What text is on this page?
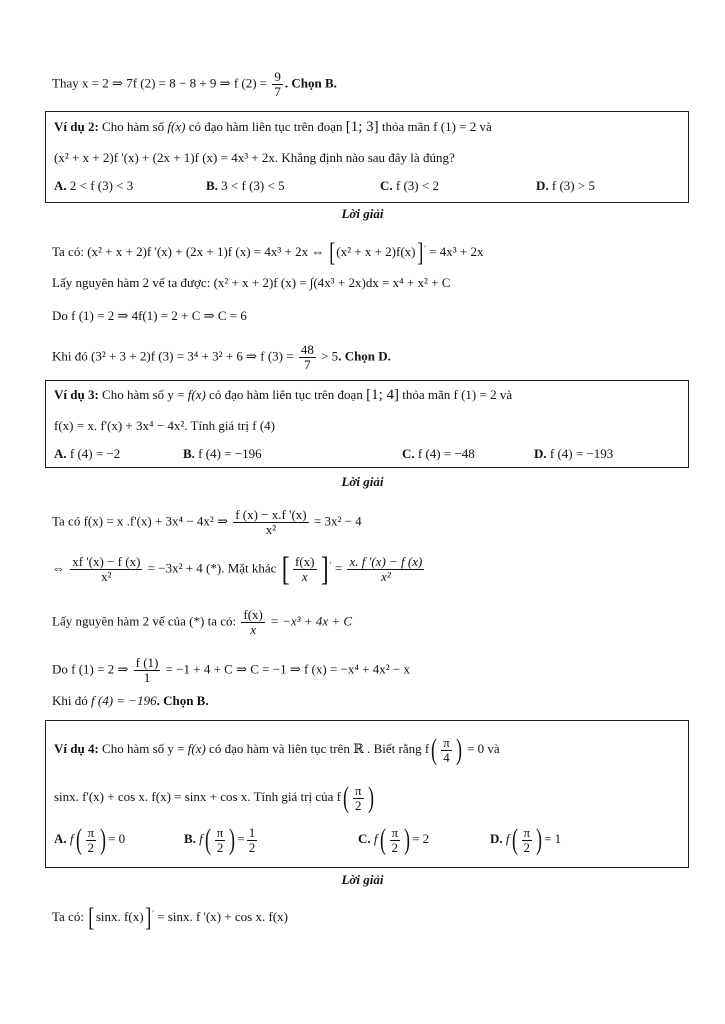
Thay x = 2 ⇒ 7f (2) = 8 − 8 + 9 ⇒ f $(2) = \frac{9}{7}$ . Chọn B.
Ví dụ 2: Cho hàm số f(x) có đạo hàm liên tục trên đoạn [1; 3] thỏa mãn f (1) = 2 và
(x² + x + 2)f '(x) + (2x + 1)f (x) = 4x³ + 2x. Khẳng định nào sau đây là đúng?
A. 2 < f (3) < 3	B. 3 < f (3) < 5	C. f (3) < 2	D. f (3) > 5
Lời giải
Ta có: (x² + x + 2)f '(x) + (2x + 1)f (x) = 4x³ + 2x ⇔ [(x² + x + 2)f(x)]′ = 4x³ + 2x
Lấy nguyên hàm 2 vế ta được: (x² + x + 2)f (x) = ∫(4x³ + 2x)dx = x⁴ + x² + C
Do f (1) = 2 ⇒ 4f(1) = 2 + C ⇒ C = 6
Khi đó (3² + 3 + 2)f (3) = 3⁴ + 3² + 6 ⇒ f $(3) = \frac{48}{7} > 5$. Chọn D.
Ví dụ 3: Cho hàm số y = f(x) có đạo hàm liên tục trên đoạn [1; 4] thỏa mãn f (1) = 2 và
f(x) = x. f'(x) + 3x⁴ − 4x². Tính giá trị f (4)
A. f (4) = −2	B. f (4) = −196	C. f (4) = −48	D. f (4) = −193
Lời giải
Ta có f(x) = x .f'(x) + 3x⁴ − 4x² ⇒ $\frac{f (x) - x.f '(x)}{\text{x²}} = 3x^2 - 4$
⇔ $\frac{xf '(x) - f (x)}{\text{x²}} = -3x^2 + 4$ (*). Mặt khác [ $\frac{f(x)}{x}$ ] $' = \frac{x. f '(x) - f (x)}{\text{x²}}$
Lấy nguyên hàm 2 vế của (*) ta có: $\frac{f(x)}{x} = -x^3 + 4x + C$
Do f (1) = 2 ⇒ $\frac{f (1)}{1} = -1 + 4 + C$ ⇒ C = −1 ⇒ f (x) = −x⁴ + 4x² − x
Khi đó f (4) = −196. Chọn B.
Ví dụ 4: Cho hàm số y = f(x) có đạo hàm và liên tục trên ℝ . Biết rằng $f( \frac{\pi}{4}$ ) = 0 và
sinx. f'(x) + cos x. f(x) = sinx + cos x. Tính giá trị của $f( \frac{\pi}{2}$ )
A. $f( \frac{\pi}{2}$ ) = 0	B. $f( \frac{\pi}{2}$ ) = $\frac{1}{2}$	C. $f( \frac{\pi}{2}$ ) = 2	D. $f( \frac{\pi}{2}$ ) = 1
Lời giải
Ta có: [sinx. f(x)]′ = sinx. f '(x) + cos x. f(x)
